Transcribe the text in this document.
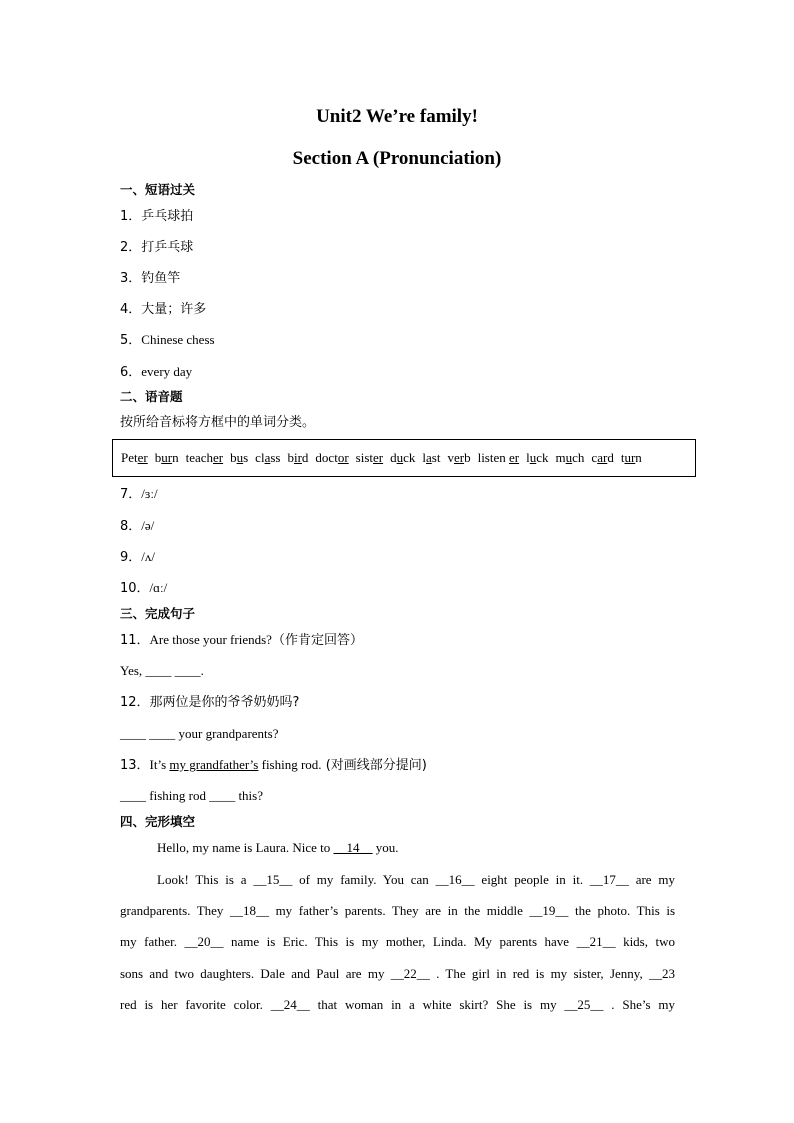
Unit2 We’re family!
Section A (Pronunciation)
一、短语过关
1．乒乓球拍
2．打乒乓球
3．钓鱼竿
4．大量；许多
5．Chinese chess
6．every day
二、语音题
按所给音标将方框中的单词分类。
Peter burn teacher bus class bird doctor sister duck last verb listen er luck much card turn
7．/ɜː/
8．/ə/
9．/ʌ/
10．/ɑː/
三、完成句子
11．Are those your friends?（作肯定回答）
Yes, ____ ____.
12．那两位是你的爷爷奶奶吗?
____ ____ your grandparents?
13．It’s my grandfather’s fishing rod. (对画线部分提问)
____ fishing rod ____ this?
四、完形填空
Hello, my name is Laura. Nice to __14__ you.
Look! This is a __15__ of my family. You can __16__ eight people in it. __17__ are my
grandparents. They __18__ my father’s parents. They are in the middle __19__ the photo. This is
my father. __20__ name is Eric. This is my mother, Linda. My parents have __21__ kids, two
sons and two daughters. Dale and Paul are my __22__ . The girl in red is my sister, Jenny, __23
red is her favorite color. __24__ that woman in a white skirt? She is my __25__ . She’s my
